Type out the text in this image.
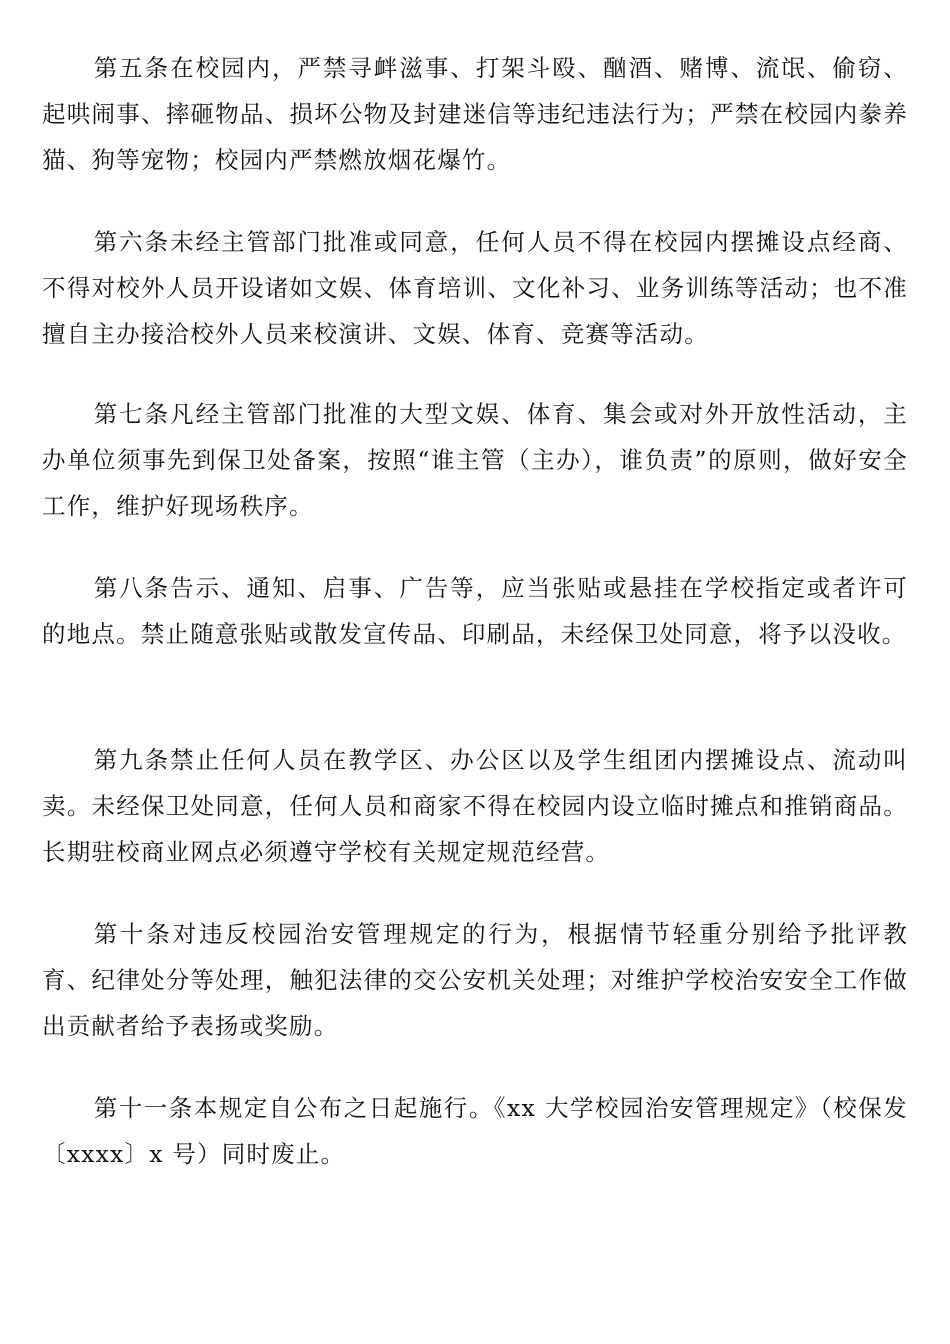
第五条在校园内，严禁寻衅滋事、打架斗殴、酗酒、赌博、流氓、偷窃、起哄闹事、摔砸物品、损坏公物及封建迷信等违纪违法行为；严禁在校园内豢养猫、狗等宠物；校园内严禁燃放烟花爆竹。

第六条未经主管部门批准或同意，任何人员不得在校园内摆摊设点经商、不得对校外人员开设诸如文娱、体育培训、文化补习、业务训练等活动；也不准擅自主办接洽校外人员来校演讲、文娱、体育、竞赛等活动。

第七条凡经主管部门批准的大型文娱、体育、集会或对外开放性活动，主办单位须事先到保卫处备案，按照“谁主管（主办），谁负责”的原则，做好安全工作，维护好现场秩序。

第八条告示、通知、启事、广告等，应当张贴或悬挂在学校指定或者许可的地点。禁止随意张贴或散发宣传品、印刷品，未经保卫处同意，将予以没收。

第九条禁止任何人员在教学区、办公区以及学生组团内摆摊设点、流动叫卖。未经保卫处同意，任何人员和商家不得在校园内设立临时摊点和推销商品。长期驻校商业网点必须遵守学校有关规定规范经营。

第十条对违反校园治安管理规定的行为，根据情节轻重分别给予批评教育、纪律处分等处理，触犯法律的交公安机关处理；对维护学校治安安全工作做出贡献者给予表扬或奖励。

第十一条本规定自公布之日起施行。《xx 大学校园治安管理规定》（校保发〔xxxx〕x 号）同时废止。
